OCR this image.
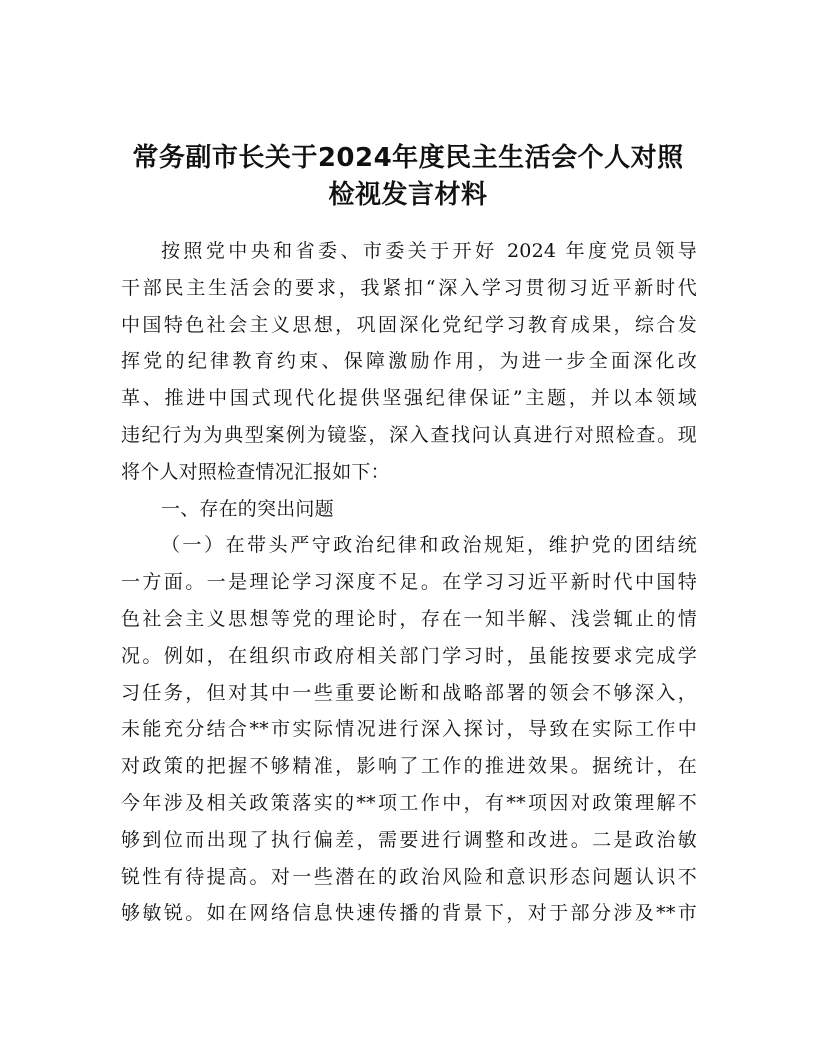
常务副市长关于2024年度民主生活会个人对照
检视发言材料
按照党中央和省委、市委关于开好 2024 年度党员领导
干部民主生活会的要求，我紧扣“深入学习贯彻习近平新时代
中国特色社会主义思想，巩固深化党纪学习教育成果，综合发
挥党的纪律教育约束、保障激励作用，为进一步全面深化改
革、推进中国式现代化提供坚强纪律保证”主题，并以本领域
违纪行为为典型案例为镜鉴，深入查找问认真进行对照检查。现
将个人对照检查情况汇报如下：
一、存在的突出问题
（一）在带头严守政治纪律和政治规矩，维护党的团结统
一方面。一是理论学习深度不足。在学习习近平新时代中国特
色社会主义思想等党的理论时，存在一知半解、浅尝辄止的情
况。例如，在组织市政府相关部门学习时，虽能按要求完成学
习任务，但对其中一些重要论断和战略部署的领会不够深入，
未能充分结合**市实际情况进行深入探讨，导致在实际工作中
对政策的把握不够精准，影响了工作的推进效果。据统计，在
今年涉及相关政策落实的**项工作中，有**项因对政策理解不
够到位而出现了执行偏差，需要进行调整和改进。二是政治敏
锐性有待提高。对一些潜在的政治风险和意识形态问题认识不
够敏锐。如在网络信息快速传播的背景下，对于部分涉及**市
